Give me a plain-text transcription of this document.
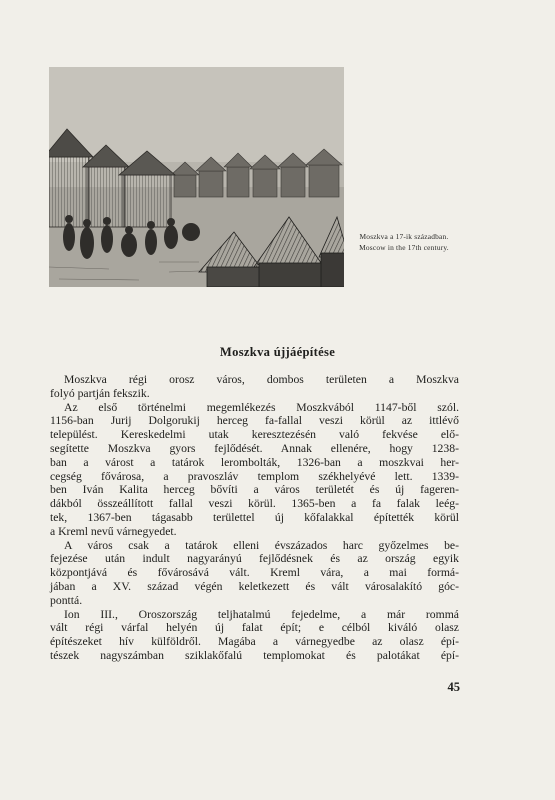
Moszkva a 17-ik században.
Moscow in the 17th century.
Moszkva újjáépítése
Moszkva régi orosz város, dombos területen a Moszkva
folyó partján fekszik.
Az első történelmi megemlékezés Moszkvából 1147-ből szól.
1156-ban Jurij Dolgorukij herceg fa-fallal veszi körül az ittlévő
települést. Kereskedelmi utak keresztezésén való fekvése elő-
segítette Moszkva gyors fejlődését. Annak ellenére, hogy 1238-
ban a várost a tatárok lerombolták, 1326-ban a moszkvai her-
cegség fővárosa, a pravoszláv templom székhelyévé lett. 1339-
ben Iván Kalita herceg bővíti a város területét és új fageren-
dákból összeállított fallal veszi körül. 1365-ben a fa falak leég-
tek, 1367-ben tágasabb területtel új kőfalakkal építették körül
a Kreml nevű várnegyedet.
A város csak a tatárok elleni évszázados harc győzelmes be-
fejezése után indult nagyarányú fejlődésnek és az ország egyik
központjává és fővárosává vált. Kreml vára, a mai formá-
jában a XV. század végén keletkezett és vált városalakító góc-
ponttá.
Ion III., Oroszország teljhatalmú fejedelme, a már rommá
vált régi várfal helyén új falat épít; e célból kiváló olasz
építészeket hív külföldről. Magába a várnegyedbe az olasz épí-
tészek nagyszámban sziklakőfalú templomokat és palotákat épí-
45
